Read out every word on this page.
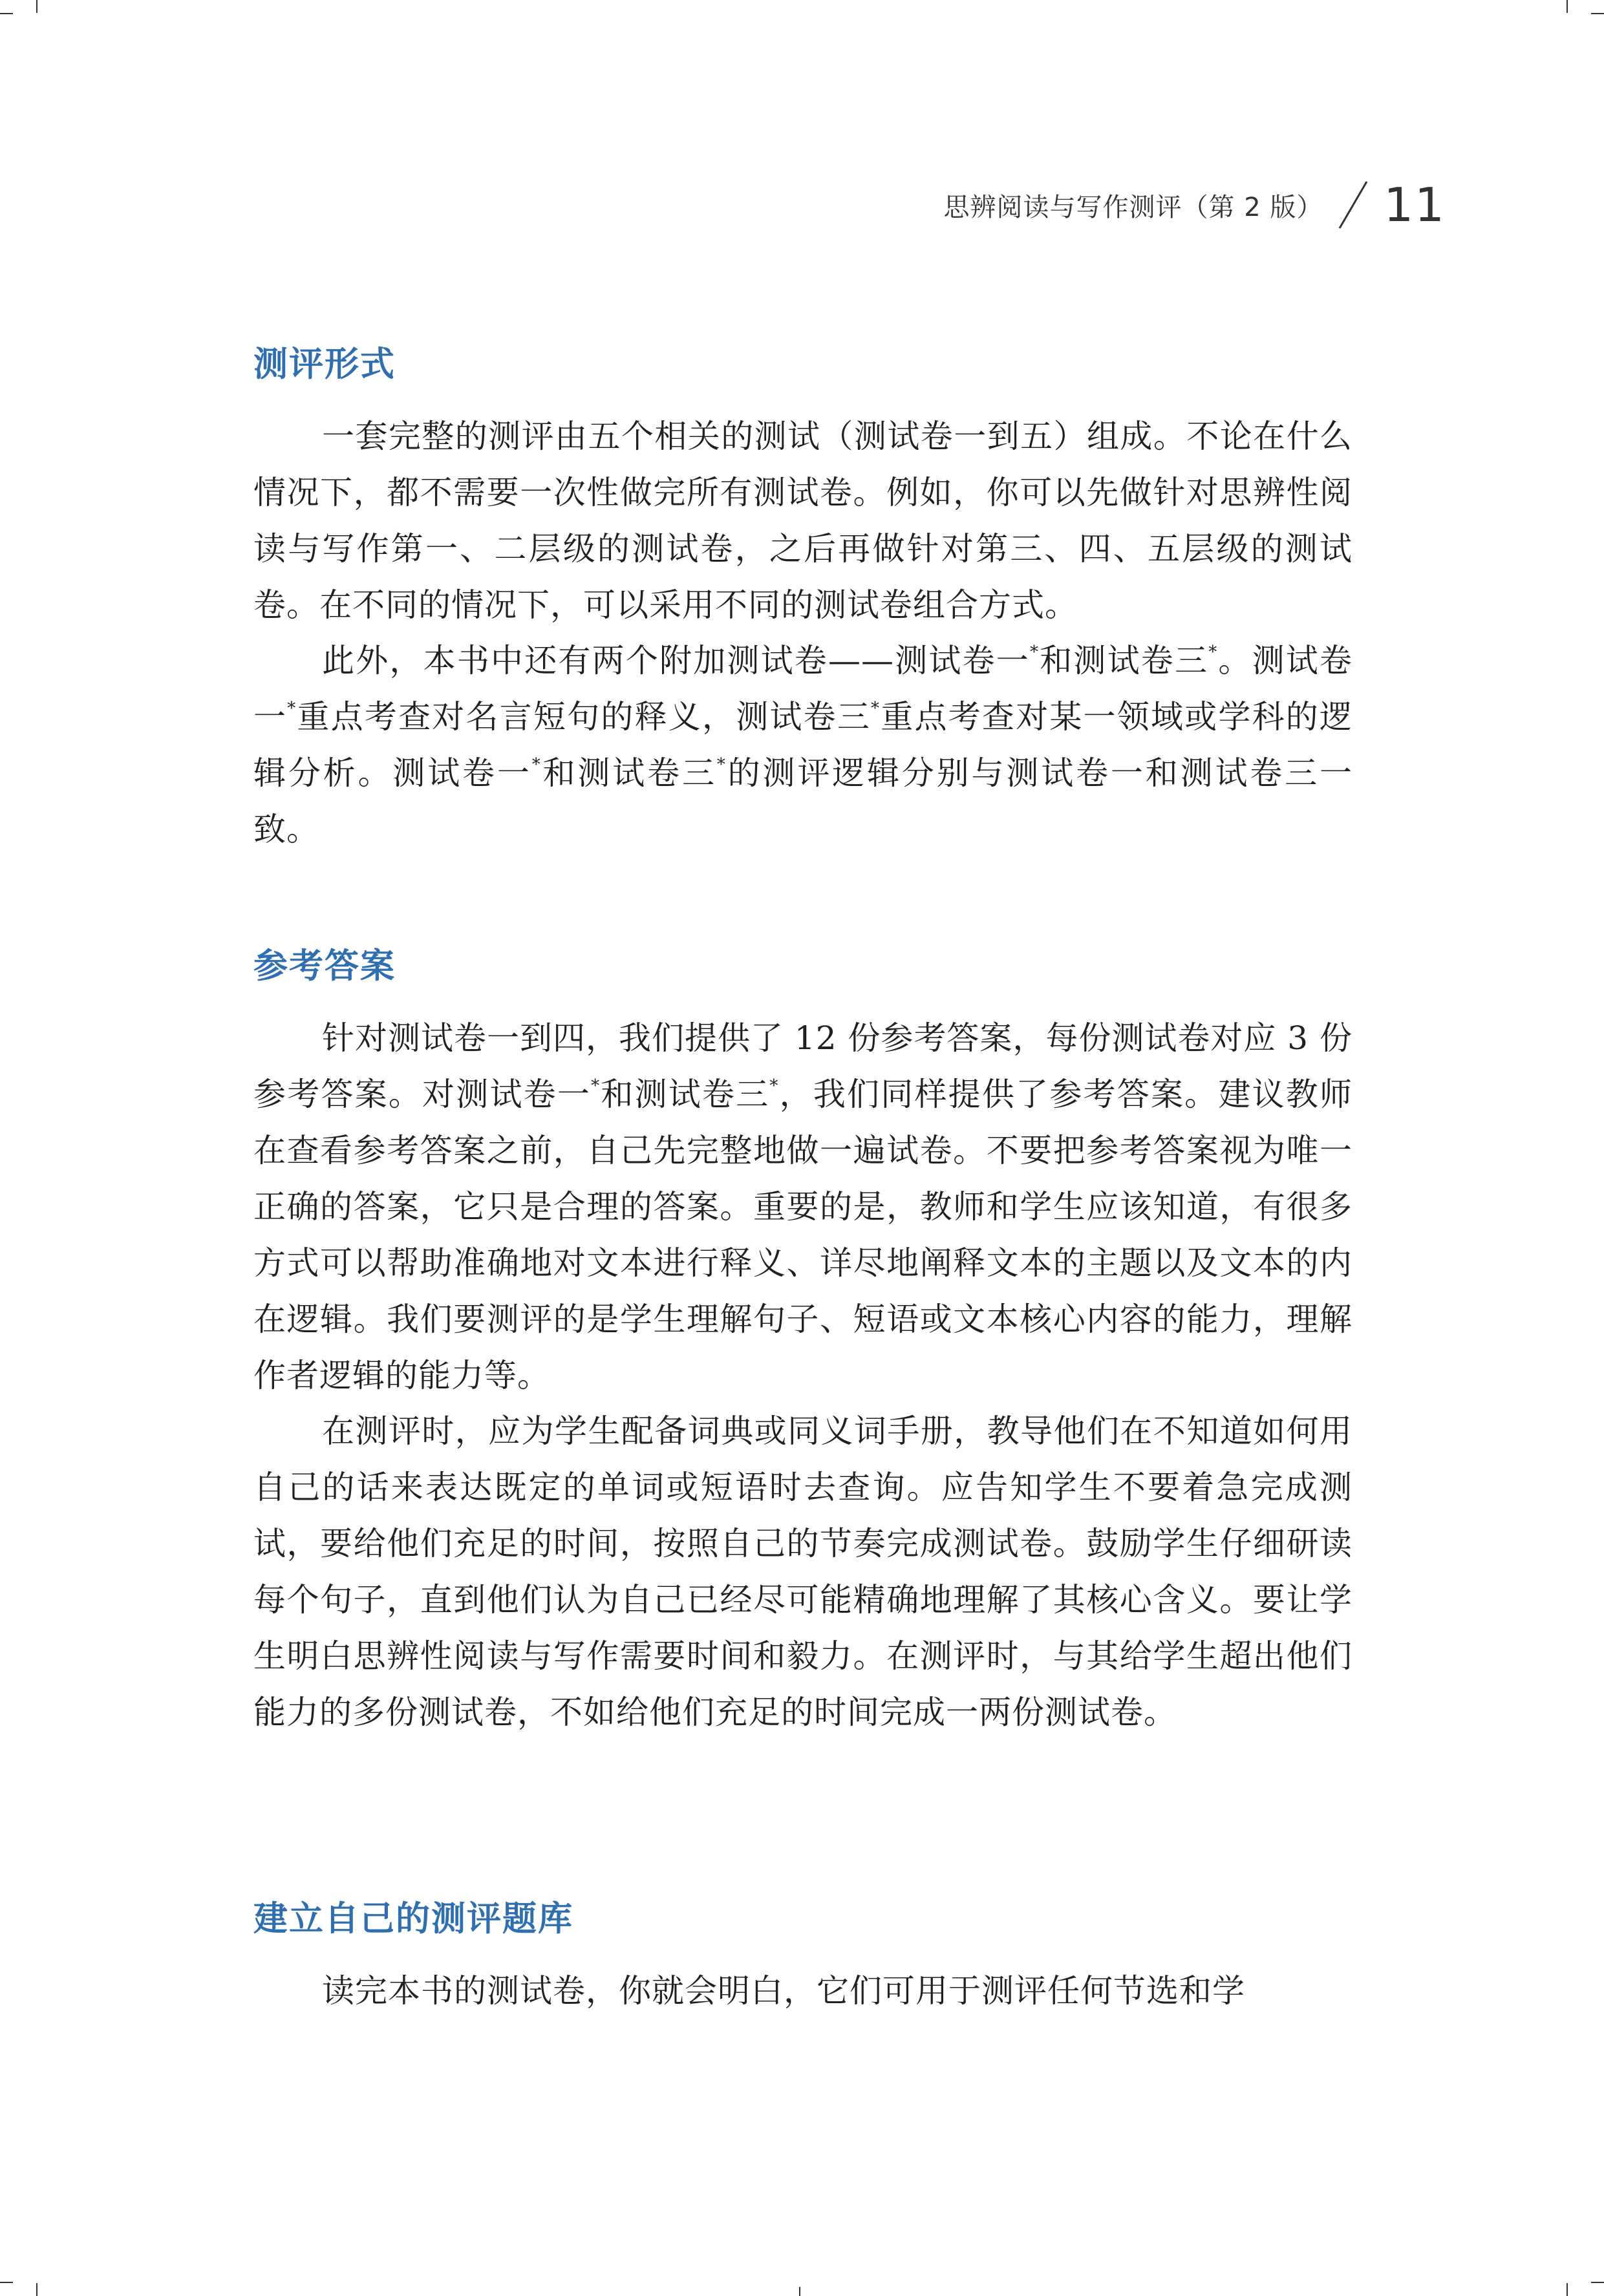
思辨阅读与写作测评（第 2 版） 11
测评形式

一套完整的测评由五个相关的测试（测试卷一到五）组成。不论在什么情况下，都不需要一次性做完所有测试卷。例如，你可以先做针对思辨性阅读与写作第一、二层级的测试卷，之后再做针对第三、四、五层级的测试卷。在不同的情况下，可以采用不同的测试卷组合方式。

此外，本书中还有两个附加测试卷——测试卷一*和测试卷三*。测试卷一*重点考查对名言短句的释义，测试卷三*重点考查对某一领域或学科的逻辑分析。测试卷一*和测试卷三*的测评逻辑分别与测试卷一和测试卷三一致。

参考答案

针对测试卷一到四，我们提供了 12 份参考答案，每份测试卷对应 3 份参考答案。对测试卷一*和测试卷三*，我们同样提供了参考答案。建议教师在查看参考答案之前，自己先完整地做一遍试卷。不要把参考答案视为唯一正确的答案，它只是合理的答案。重要的是，教师和学生应该知道，有很多方式可以帮助准确地对文本进行释义、详尽地阐释文本的主题以及文本的内在逻辑。我们要测评的是学生理解句子、短语或文本核心内容的能力，理解作者逻辑的能力等。

在测评时，应为学生配备词典或同义词手册，教导他们在不知道如何用自己的话来表达既定的单词或短语时去查询。应告知学生不要着急完成测试，要给他们充足的时间，按照自己的节奏完成测试卷。鼓励学生仔细研读每个句子，直到他们认为自己已经尽可能精确地理解了其核心含义。要让学生明白思辨性阅读与写作需要时间和毅力。在测评时，与其给学生超出他们能力的多份测试卷，不如给他们充足的时间完成一两份测试卷。

建立自己的测评题库

读完本书的测试卷，你就会明白，它们可用于测评任何节选和学
